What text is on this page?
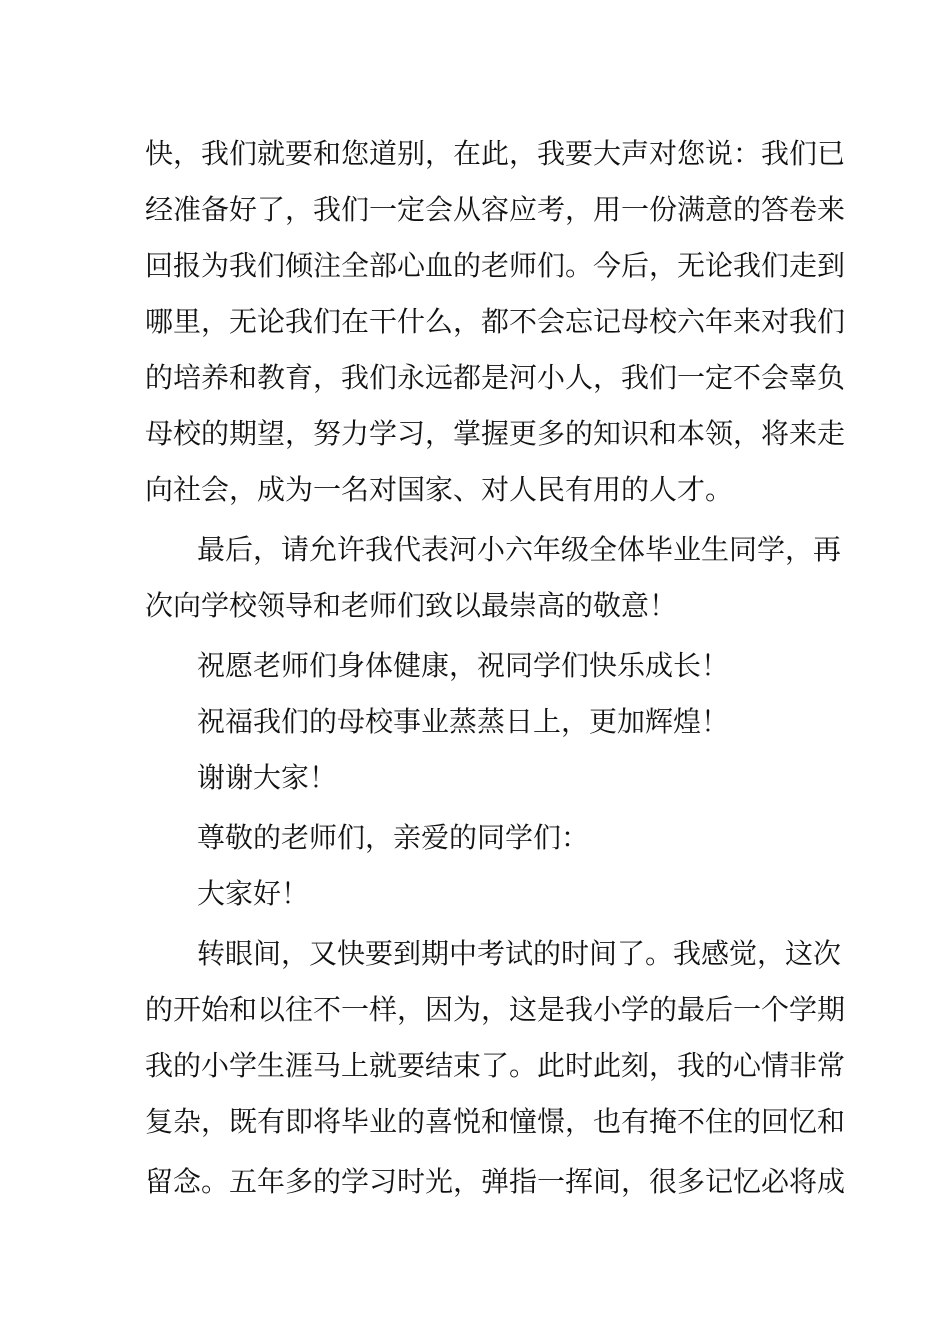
快，我们就要和您道别，在此，我要大声对您说：我们已
经准备好了，我们一定会从容应考，用一份满意的答卷来
回报为我们倾注全部心血的老师们。今后，无论我们走到
哪里，无论我们在干什么，都不会忘记母校六年来对我们
的培养和教育，我们永远都是河小人，我们一定不会辜负
母校的期望，努力学习，掌握更多的知识和本领，将来走
向社会，成为一名对国家、对人民有用的人才。
最后，请允许我代表河小六年级全体毕业生同学，再
次向学校领导和老师们致以最崇高的敬意！
祝愿老师们身体健康，祝同学们快乐成长！
祝福我们的母校事业蒸蒸日上，更加辉煌！
谢谢大家！
尊敬的老师们，亲爱的同学们：
大家好！
转眼间，又快要到期中考试的时间了。我感觉，这次
的开始和以往不一样，因为，这是我小学的最后一个学期
我的小学生涯马上就要结束了。此时此刻，我的心情非常
复杂，既有即将毕业的喜悦和憧憬，也有掩不住的回忆和
留念。五年多的学习时光，弹指一挥间，很多记忆必将成
